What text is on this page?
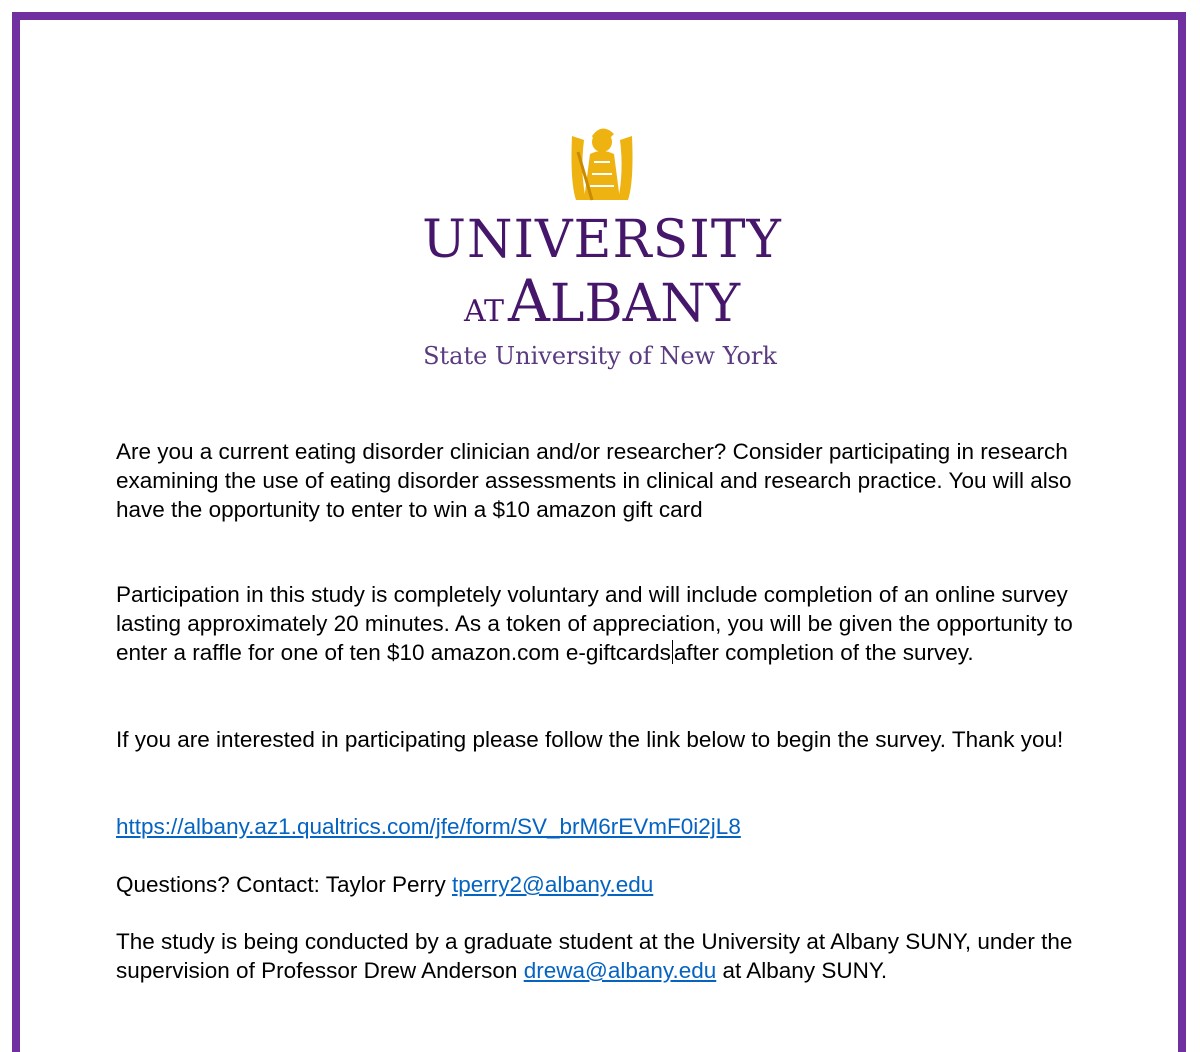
UNIVERSITY
ATALBANY
State University of New York
Are you a current eating disorder clinician and/or researcher? Consider participating in research examining the use of eating disorder assessments in clinical and research practice. You will also have the opportunity to enter to win a $10 amazon gift card
Participation in this study is completely voluntary and will include completion of an online survey lasting approximately 20 minutes. As a token of appreciation, you will be given the opportunity to enter a raffle for one of ten $10 amazon.com e-giftcards after completion of the survey.
If you are interested in participating please follow the link below to begin the survey. Thank you!
https://albany.az1.qualtrics.com/jfe/form/SV_brM6rEVmF0i2jL8
Questions? Contact: Taylor Perry tperry2@albany.edu
The study is being conducted by a graduate student at the University at Albany SUNY, under the supervision of Professor Drew Anderson drewa@albany.edu at Albany SUNY.
